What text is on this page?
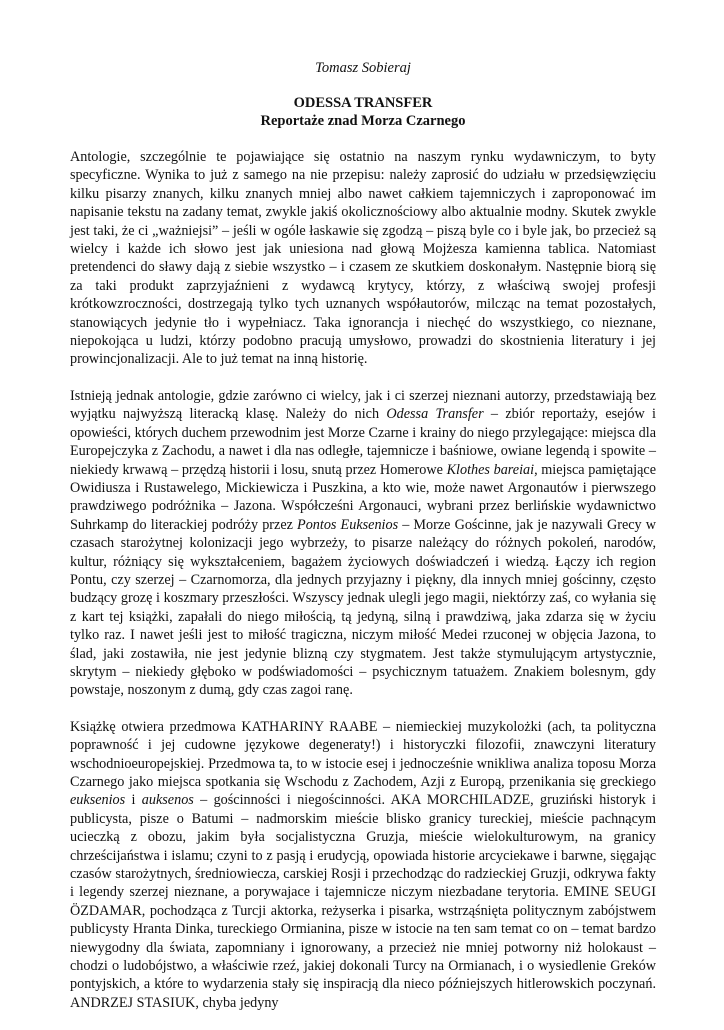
Tomasz Sobieraj
ODESSA TRANSFER
Reportaże znad Morza Czarnego

Antologie, szczególnie te pojawiające się ostatnio na naszym rynku wydawniczym, to byty specyficzne. Wynika to już z samego na nie przepisu: należy zaprosić do udziału w przedsięwzięciu kilku pisarzy znanych, kilku znanych mniej albo nawet całkiem tajemniczych i zaproponować im napisanie tekstu na zadany temat, zwykle jakiś okolicznościowy albo aktualnie modny. Skutek zwykle jest taki, że ci „ważniejsi” – jeśli w ogóle łaskawie się zgodzą – piszą byle co i byle jak, bo przecież są wielcy i każde ich słowo jest jak uniesiona nad głową Mojżesza kamienna tablica. Natomiast pretendenci do sławy dają z siebie wszystko – i czasem ze skutkiem doskonałym. Następnie biorą się za taki produkt zaprzyjaźnieni z wydawcą krytycy, którzy, z właściwą swojej profesji krótkowzroczności, dostrzegają tylko tych uznanych współautorów, milcząc na temat pozostałych, stanowiących jedynie tło i wypełniacz. Taka ignorancja i niechęć do wszystkiego, co nieznane, niepokojąca u ludzi, którzy podobno pracują umysłowo, prowadzi do skostnienia literatury i jej prowincjonalizacji. Ale to już temat na inną historię.

Istnieją jednak antologie, gdzie zarówno ci wielcy, jak i ci szerzej nieznani autorzy, przedstawiają bez wyjątku najwyższą literacką klasę. Należy do nich Odessa Transfer – zbiór reportaży, esejów i opowieści, których duchem przewodnim jest Morze Czarne i krainy do niego przylegające: miejsca dla Europejczyka z Zachodu, a nawet i dla nas odległe, tajemnicze i baśniowe, owiane legendą i spowite – niekiedy krwawą – przędzą historii i losu, snutą przez Homerowe Klothes bareiai, miejsca pamiętające Owidiusza i Rustawelego, Mickiewicza i Puszkina, a kto wie, może nawet Argonautów i pierwszego prawdziwego podróżnika – Jazona. Współcześni Argonauci, wybrani przez berlińskie wydawnictwo Suhrkamp do literackiej podróży przez Pontos Euksenios – Morze Gościnne, jak je nazywali Grecy w czasach starożytnej kolonizacji jego wybrzeży, to pisarze należący do różnych pokoleń, narodów, kultur, różniący się wykształceniem, bagażem życiowych doświadczeń i wiedzą. Łączy ich region Pontu, czy szerzej – Czarnomorza, dla jednych przyjazny i piękny, dla innych mniej gościnny, często budzący grozę i koszmary przeszłości. Wszyscy jednak ulegli jego magii, niektórzy zaś, co wyłania się z kart tej książki, zapałali do niego miłością, tą jedyną, silną i prawdziwą, jaka zdarza się w życiu tylko raz. I nawet jeśli jest to miłość tragiczna, niczym miłość Medei rzuconej w objęcia Jazona, to ślad, jaki zostawiła, nie jest jedynie blizną czy stygmatem. Jest także stymulującym artystycznie, skrytym – niekiedy głęboko w podświadomości – psychicznym tatuażem. Znakiem bolesnym, gdy powstaje, noszonym z dumą, gdy czas zagoi ranę.

Książkę otwiera przedmowa KATHARINY RAABE – niemieckiej muzykolożki (ach, ta polityczna poprawność i jej cudowne językowe degeneraty!) i historyczki filozofii, znawczyni literatury wschodnioeuropejskiej. Przedmowa ta, to w istocie esej i jednocześnie wnikliwa analiza toposu Morza Czarnego jako miejsca spotkania się Wschodu z Zachodem, Azji z Europą, przenikania się greckiego euksenios i auksenos – gościnności i niegościnności. AKA MORCHILADZE, gruziński historyk i publicysta, pisze o Batumi – nadmorskim mieście blisko granicy tureckiej, mieście pachnącym ucieczką z obozu, jakim była socjalistyczna Gruzja, mieście wielokulturowym, na granicy chrześcijaństwa i islamu; czyni to z pasją i erudycją, opowiada historie arcyciekawe i barwne, sięgając czasów starożytnych, średniowiecza, carskiej Rosji i przechodząc do radzieckiej Gruzji, odkrywa fakty i legendy szerzej nieznane, a porywajace i tajemnicze niczym niezbadane terytoria. EMINE SEUGI ÖZDAMAR, pochodząca z Turcji aktorka, reżyserka i pisarka, wstrząśnięta politycznym zabójstwem publicysty Hranta Dinka, tureckiego Ormianina, pisze w istocie na ten sam temat co on – temat bardzo niewygodny dla świata, zapomniany i ignorowany, a przecież nie mniej potworny niż holokaust – chodzi o ludobójstwo, a właściwie rzeź, jakiej dokonali Turcy na Ormianach, i o wysiedlenie Greków pontyjskich, a które to wydarzenia stały się inspiracją dla nieco późniejszych hitlerowskich poczynań. ANDRZEJ STASIUK, chyba jedyny
